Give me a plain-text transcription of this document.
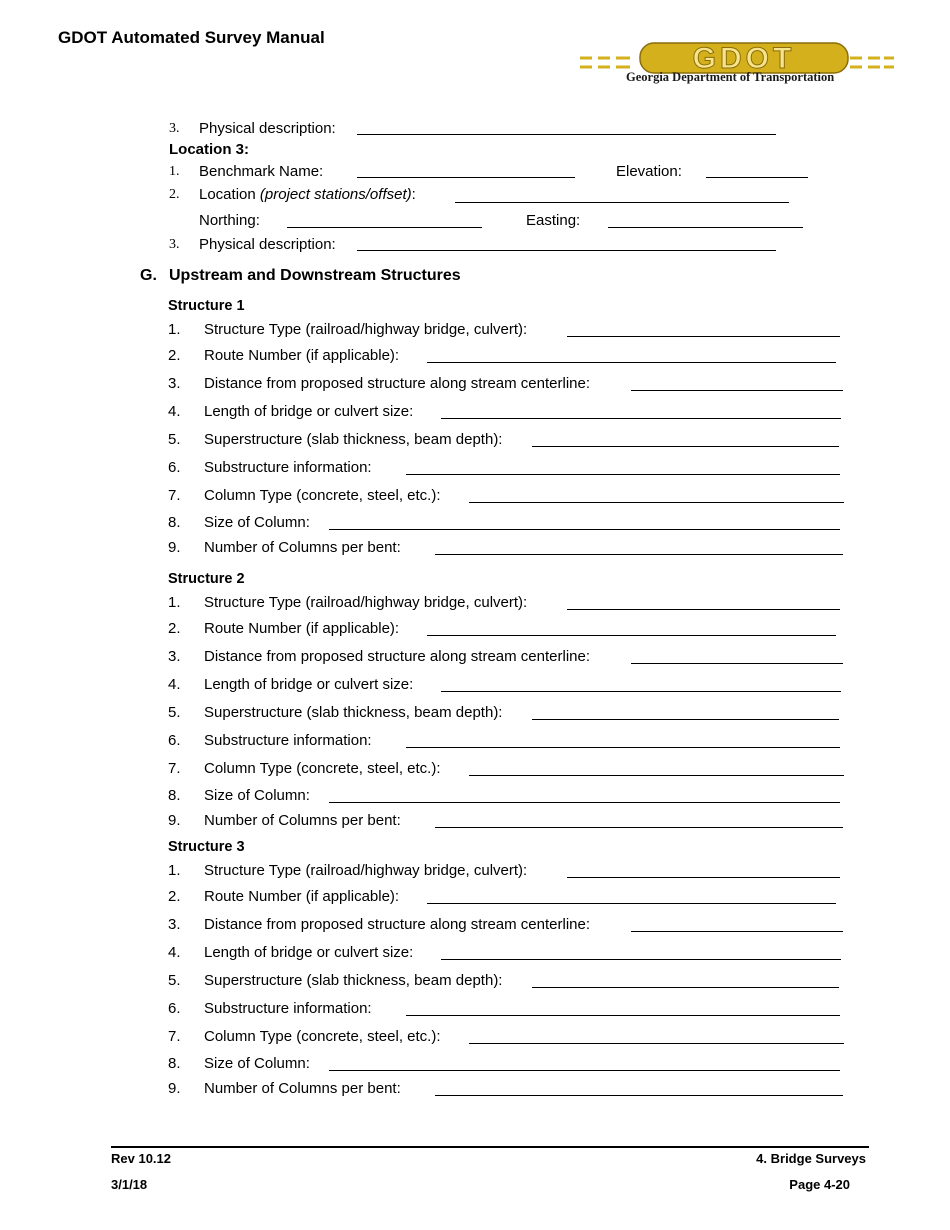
GDOT Automated Survey Manual
GDOT
Georgia Department of Transportation
3. Physical description:
Location 3:
1. Benchmark Name:	Elevation:
2. Location (project stations/offset):
Northing:	Easting:
3. Physical description:
G. Upstream and Downstream Structures
Structure 1
1. Structure Type (railroad/highway bridge, culvert):
2. Route Number (if applicable):
3. Distance from proposed structure along stream centerline:
4. Length of bridge or culvert size:
5. Superstructure (slab thickness, beam depth):
6. Substructure information:
7. Column Type (concrete, steel, etc.):
8. Size of Column:
9. Number of Columns per bent:
Structure 2
1. Structure Type (railroad/highway bridge, culvert):
2. Route Number (if applicable):
3. Distance from proposed structure along stream centerline:
4. Length of bridge or culvert size:
5. Superstructure (slab thickness, beam depth):
6. Substructure information:
7. Column Type (concrete, steel, etc.):
8. Size of Column:
9. Number of Columns per bent:
Structure 3
1. Structure Type (railroad/highway bridge, culvert):
2. Route Number (if applicable):
3. Distance from proposed structure along stream centerline:
4. Length of bridge or culvert size:
5. Superstructure (slab thickness, beam depth):
6. Substructure information:
7. Column Type (concrete, steel, etc.):
8. Size of Column:
9. Number of Columns per bent:
Rev 10.12
3/1/18
4. Bridge Surveys
Page 4-20
